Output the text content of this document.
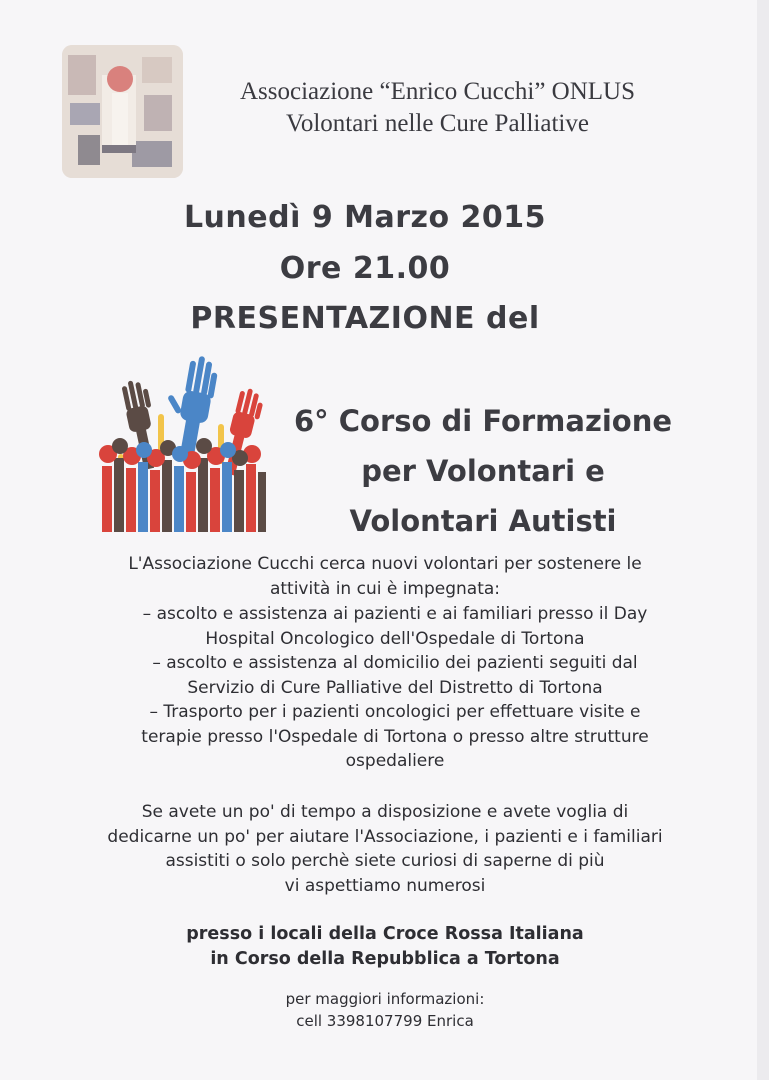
Associazione “Enrico Cucchi” ONLUS
Volontari nelle Cure Palliative
Lunedì 9 Marzo 2015
Ore 21.00
PRESENTAZIONE del
6° Corso di Formazione
per Volontari e
Volontari Autisti
L'Associazione Cucchi cerca nuovi volontari per sostenere le
attività in cui è impegnata:
– ascolto e assistenza ai pazienti e ai familiari presso il Day
Hospital Oncologico dell'Ospedale di Tortona
– ascolto e assistenza al domicilio dei pazienti seguiti dal
Servizio di Cure Palliative del Distretto di Tortona
– Trasporto per i pazienti oncologici per effettuare visite e
terapie presso l'Ospedale di Tortona o presso altre strutture
ospedaliere
Se avete un po' di tempo a disposizione e avete voglia di
dedicarne un po' per aiutare l'Associazione, i pazienti e i familiari
assistiti o solo perchè siete curiosi di saperne di più
vi aspettiamo numerosi
presso i locali della Croce Rossa Italiana
in Corso della Repubblica a Tortona
per maggiori informazioni:
cell 3398107799 Enrica
